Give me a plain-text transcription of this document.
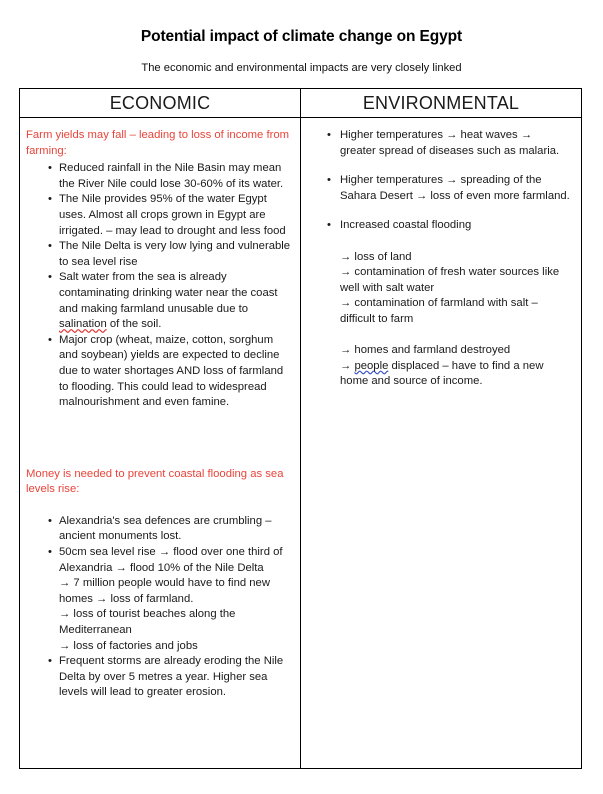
Potential impact of climate change on Egypt

The economic and environmental impacts are very closely linked

ECONOMIC	ENVIRONMENTAL

Farm yields may fall – leading to loss of income from farming:

• Reduced rainfall in the Nile Basin may mean the River Nile could lose 30-60% of its water.
• The Nile provides 95% of the water Egypt uses. Almost all crops grown in Egypt are irrigated. – may lead to drought and less food
• The Nile Delta is very low lying and vulnerable to sea level rise
• Salt water from the sea is already contaminating drinking water near the coast and making farmland unusable due to salination of the soil.
• Major crop (wheat, maize, cotton, sorghum and soybean) yields are expected to decline due to water shortages AND loss of farmland to flooding. This could lead to widespread malnourishment and even famine.

Money is needed to prevent coastal flooding as sea levels rise:

• Alexandria's sea defences are crumbling – ancient monuments lost.
• 50cm sea level rise → flood over one third of Alexandria → flood 10% of the Nile Delta
→ 7 million people would have to find new homes → loss of farmland.
→ loss of tourist beaches along the Mediterranean
→ loss of factories and jobs
• Frequent storms are already eroding the Nile Delta by over 5 metres a year. Higher sea levels will lead to greater erosion.
• Higher temperatures → heat waves → greater spread of diseases such as malaria.
• Higher temperatures → spreading of the Sahara Desert → loss of even more farmland.
• Increased coastal flooding
→ loss of land
→ contamination of fresh water sources like well with salt water
→ contamination of farmland with salt – difficult to farm
→ homes and farmland destroyed
→ people displaced – have to find a new home and source of income.
